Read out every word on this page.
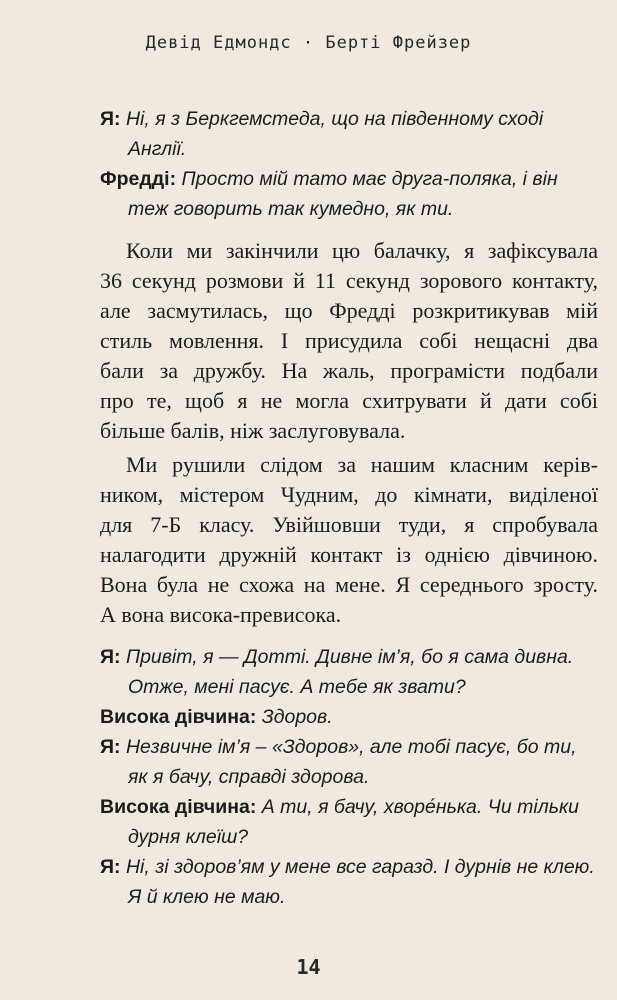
Девід Едмондс · Берті Фрейзер

Я: Ні, я з Беркгемстеда, що на південному сході Англії.

Фредді: Просто мій тато має друга-поляка, і він теж говорить так кумедно, як ти.

Коли ми закінчили цю балачку, я зафіксувала
36 секунд розмови й 11 секунд зорового контакту,
але засмутилась, що Фредді розкритикував мій
стиль мовлення. І присудила собі нещасні два
бали за дружбу. На жаль, програмісти подбали
про те, щоб я не могла схитрувати й дати собі
більше балів, ніж заслуговувала.

Ми рушили слідом за нашим класним керів-
ником, містером Чудним, до кімнати, виділеної
для 7-Б класу. Увійшовши туди, я спробувала
налагодити дружній контакт із однією дівчиною.
Вона була не схожа на мене. Я середнього зросту.
А вона висока-превисока.

Я: Привіт, я — Дотті. Дивне ім’я, бо я сама дивна. Отже, мені пасує. А тебе як звати?

Висока дівчина: Здоров.

Я: Незвичне ім’я – «Здоров», але тобі пасує, бо ти, як я бачу, справді здорова.

Висока дівчина: А ти, я бачу, хворе́нька. Чи тільки дурня клеїш?

Я: Ні, зі здоров’ям у мене все гаразд. І дурнів не клею. Я й клею не маю.

14
